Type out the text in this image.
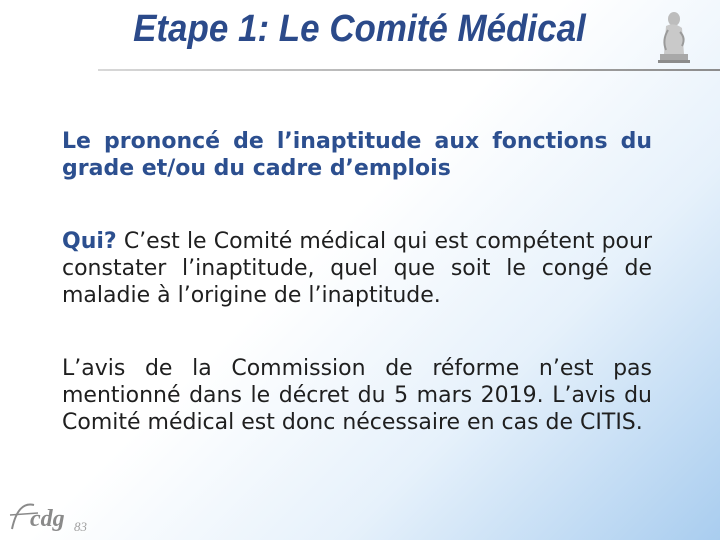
Etape 1: Le Comité Médical

Le prononcé de l’inaptitude aux fonctions du grade et/ou du cadre d’emplois

Qui? C’est le Comité médical qui est compétent pour constater l’inaptitude, quel que soit le congé de maladie à l’origine de l’inaptitude.

L’avis de la Commission de réforme n’est pas mentionné dans le décret du 5 mars 2019. L’avis du Comité médical est donc nécessaire en cas de CITIS.

cdg 83
